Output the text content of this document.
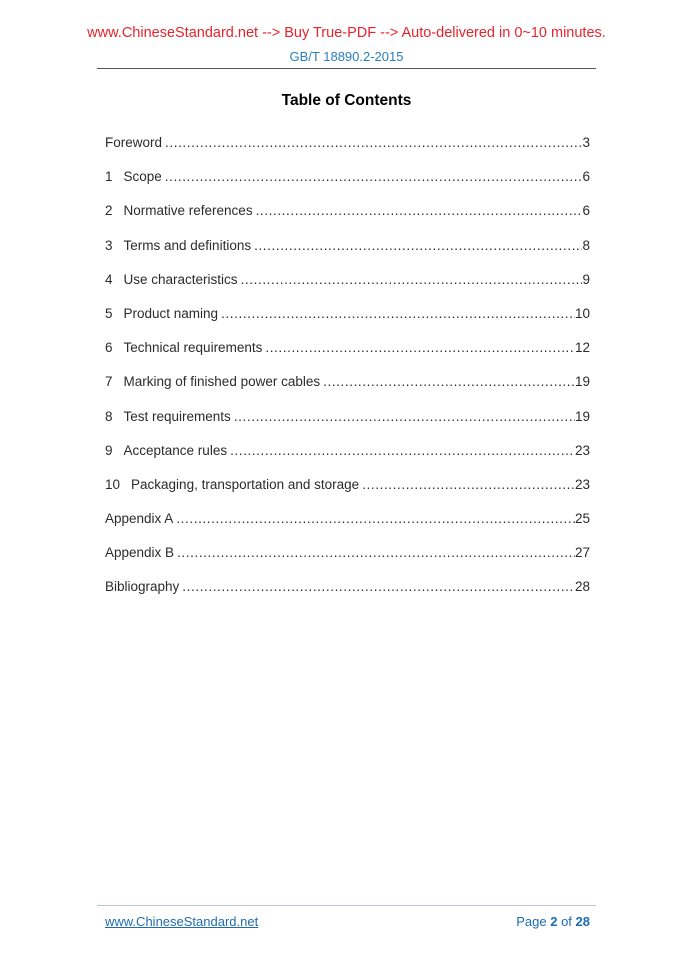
www.ChineseStandard.net --> Buy True-PDF --> Auto-delivered in 0~10 minutes.
GB/T 18890.2-2015
Table of Contents
Foreword .....	3
1 Scope .....	6
2 Normative references .....	6
3 Terms and definitions .....	8
4 Use characteristics .....	9
5 Product naming .....	10
6 Technical requirements .....	12
7 Marking of finished power cables .....	19
8 Test requirements .....	19
9 Acceptance rules .....	23
10 Packaging, transportation and storage .....	23
Appendix A .....	25
Appendix B .....	27
Bibliography .....	28
www.ChineseStandard.net	Page 2 of 28
